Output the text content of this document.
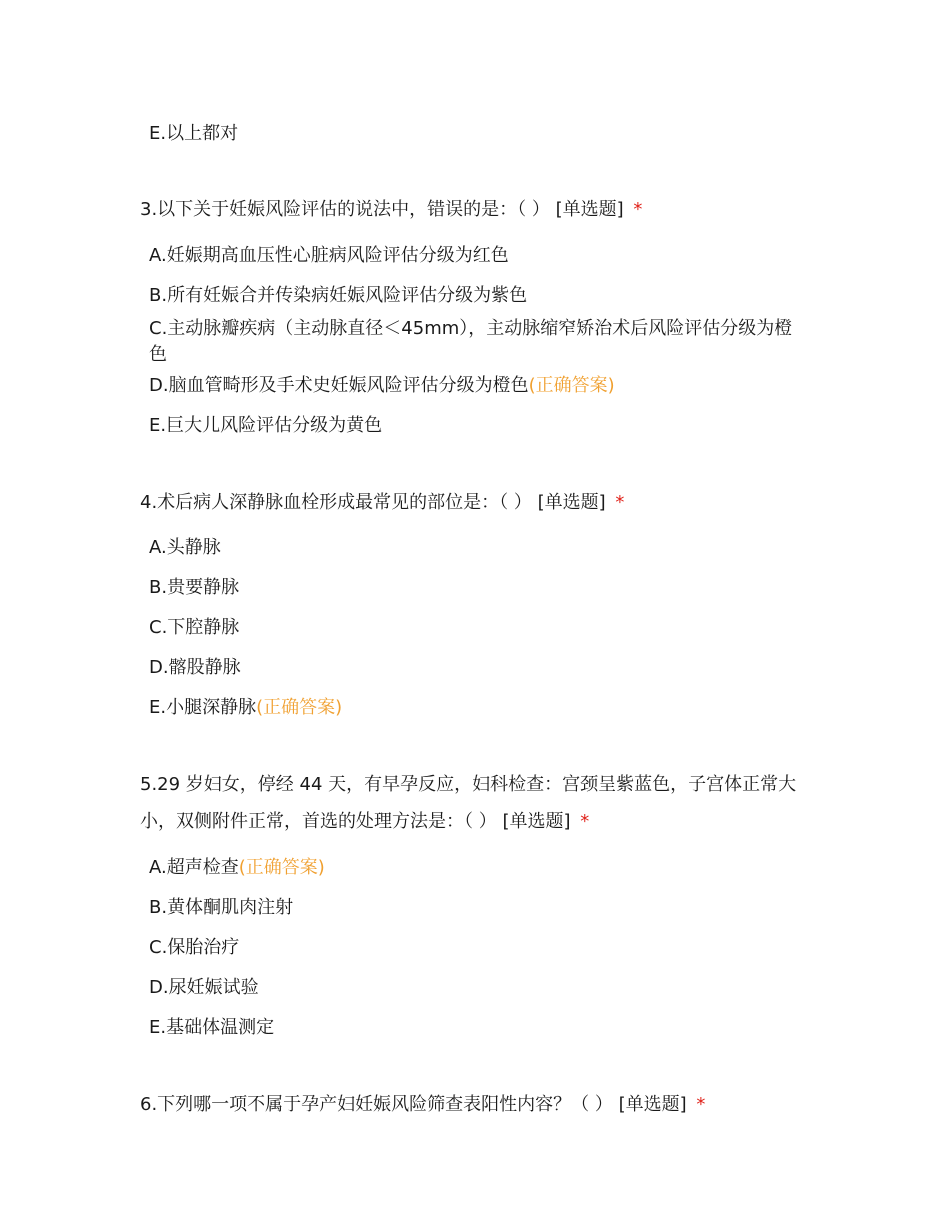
E.以上都对
3.以下关于妊娠风险评估的说法中，错误的是：（ ） [单选题] *
A.妊娠期高血压性心脏病风险评估分级为红色
B.所有妊娠合并传染病妊娠风险评估分级为紫色
C.主动脉瓣疾病（主动脉直径＜45mm），主动脉缩窄矫治术后风险评估分级为橙色
D.脑血管畸形及手术史妊娠风险评估分级为橙色(正确答案)
E.巨大儿风险评估分级为黄色
4.术后病人深静脉血栓形成最常见的部位是：（ ） [单选题] *
A.头静脉
B.贵要静脉
C.下腔静脉
D.髂股静脉
E.小腿深静脉(正确答案)
5.29 岁妇女，停经 44 天，有早孕反应，妇科检查：宫颈呈紫蓝色，子宫体正常大
小，双侧附件正常，首选的处理方法是：（ ） [单选题] *
A.超声检查(正确答案)
B.黄体酮肌肉注射
C.保胎治疗
D.尿妊娠试验
E.基础体温测定
6.下列哪一项不属于孕产妇妊娠风险筛查表阳性内容？（ ） [单选题] *
